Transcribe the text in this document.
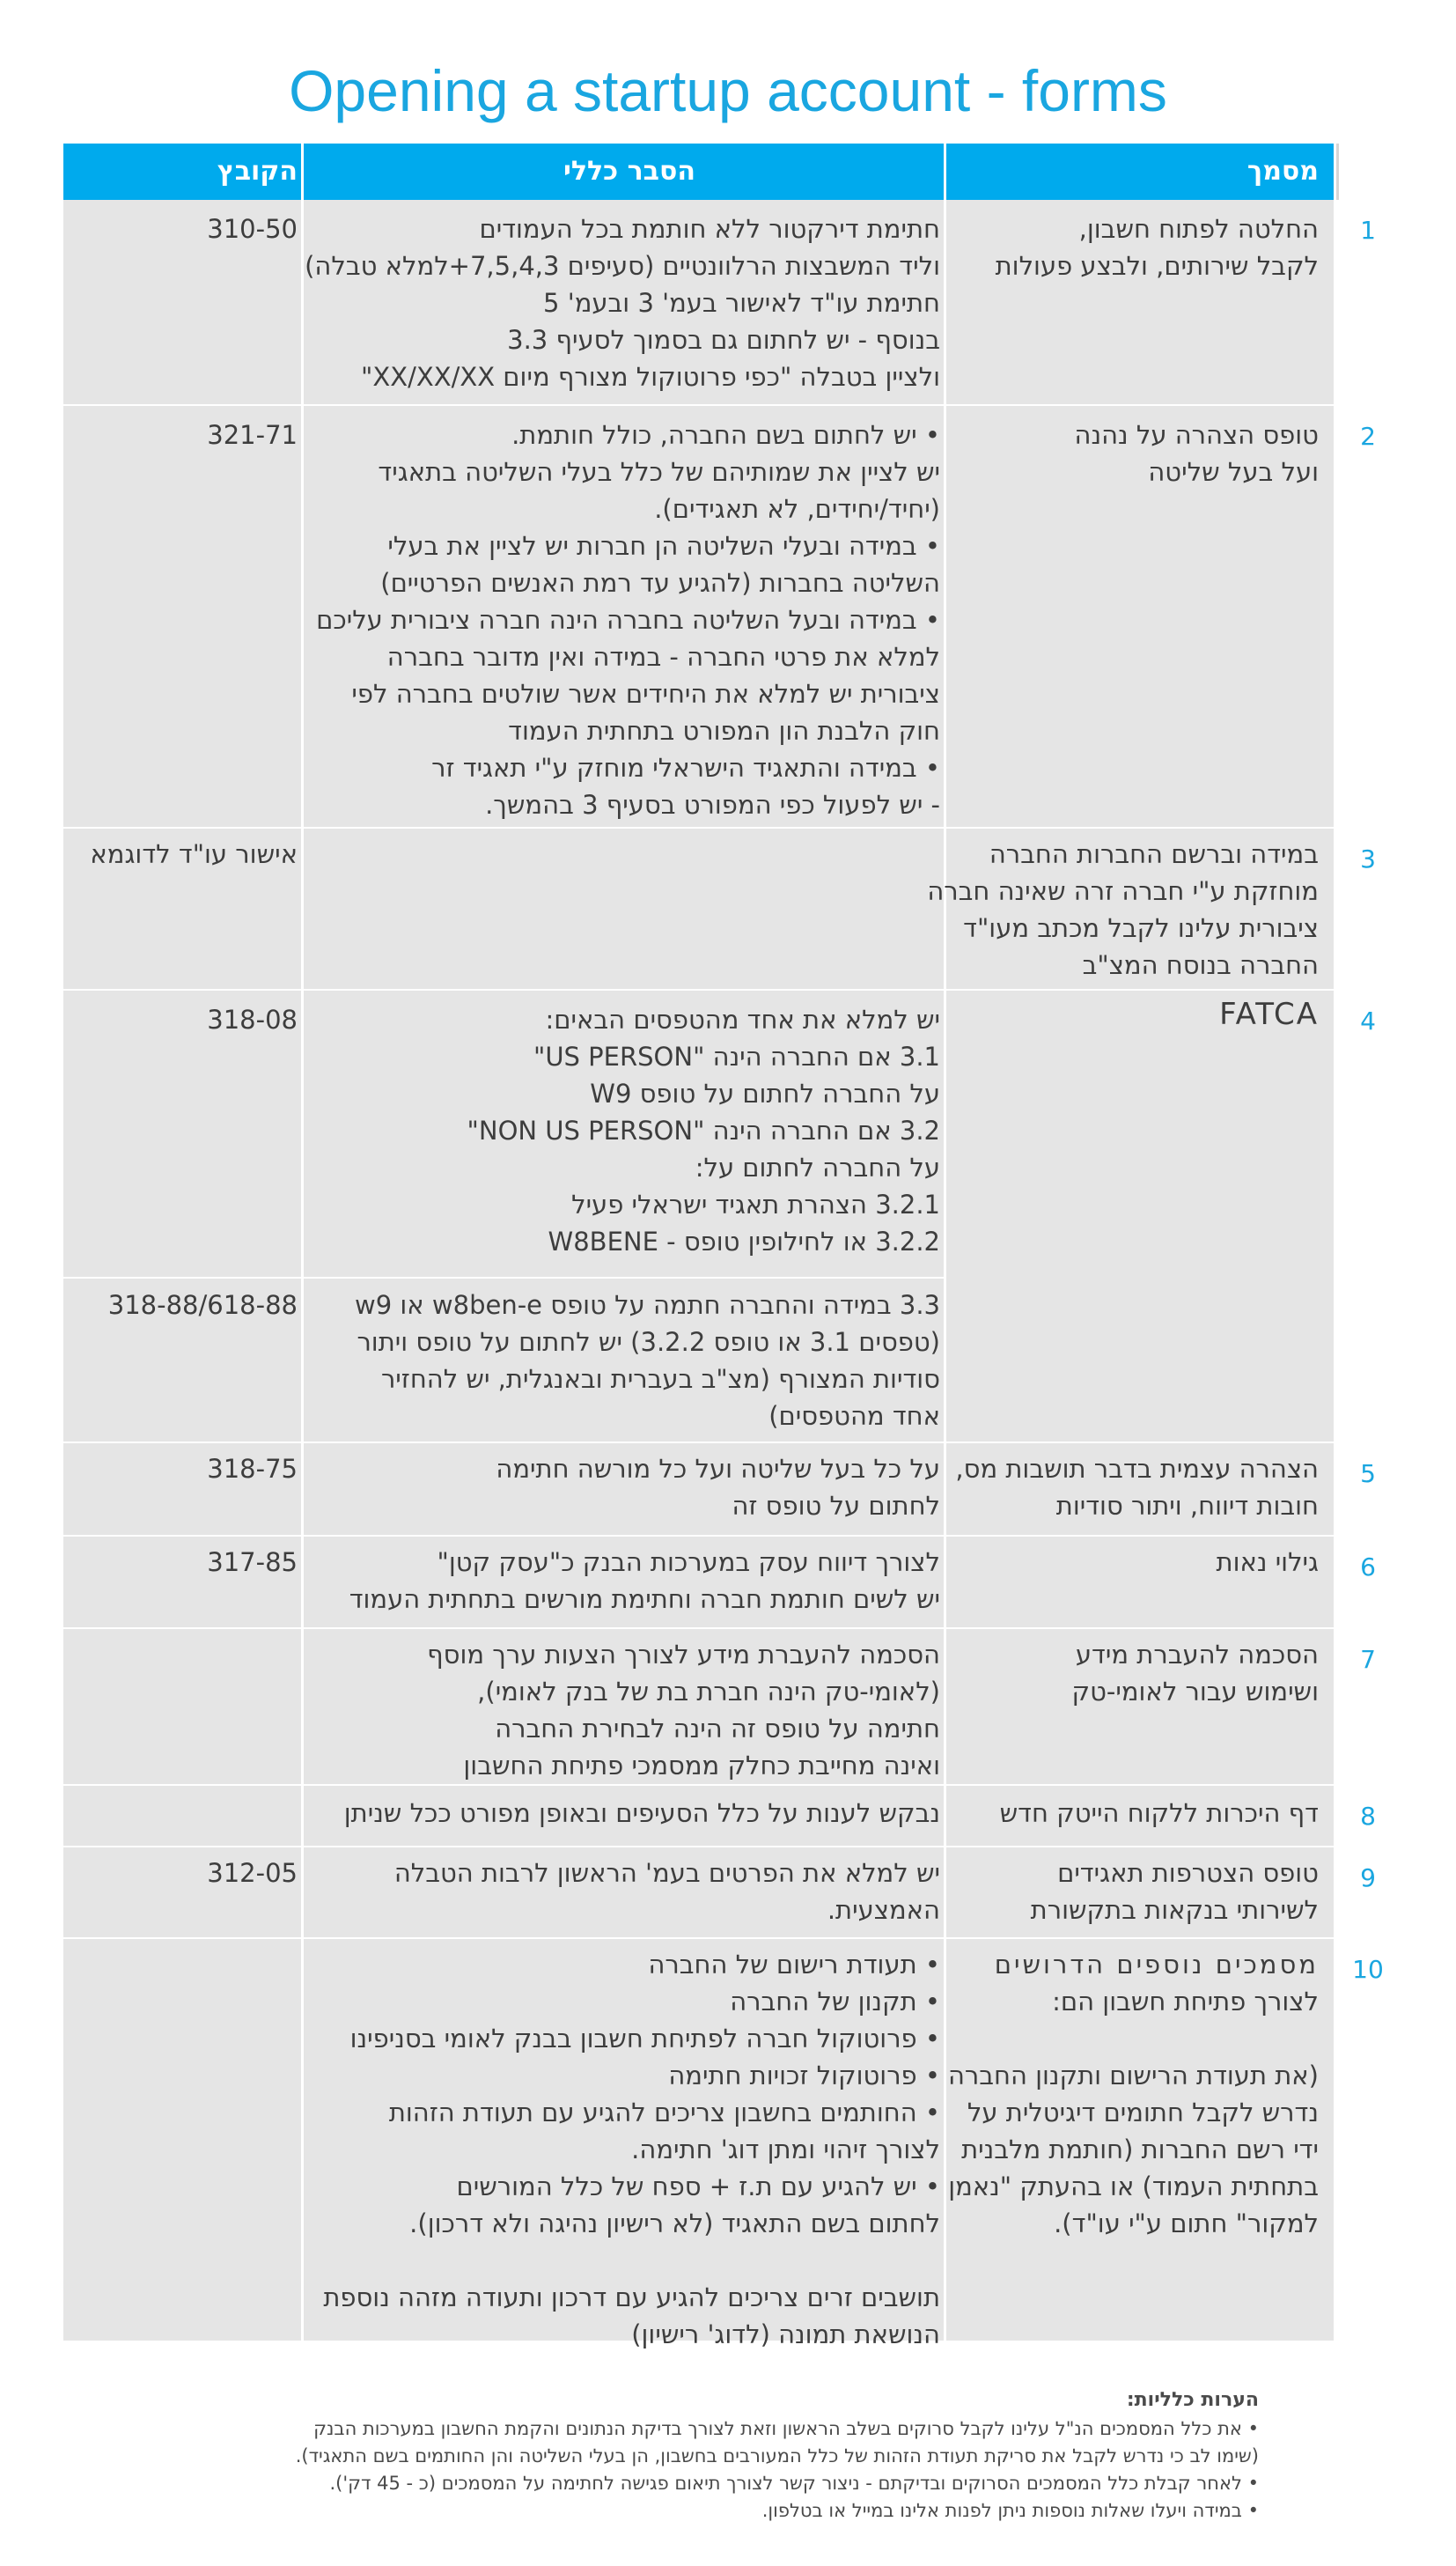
Opening a startup account - forms
מסמך
הסבר כללי
הקובץ
1

החלטה לפתוח חשבון,

לקבל שירותים, ולבצע פעולות

חתימת דירקטור ללא חותמת בכל העמודים

וליד המשבצות הרלוונטיים (סעיפים 7,5,4,3+למלא טבלה)

חתימת עו"ד לאישור בעמ' 3 ובעמ' 5

בנוסף - יש לחתום גם בסמוך לסעיף 3.3

ולציין בטבלה "כפי פרוטוקול מצורף מיום XX/XX/XX"

310-50
2

טופס הצהרה על נהנה

ועל בעל שליטה

• יש לחתום בשם החברה, כולל חותמת.

יש לציין את שמותיהם של כלל בעלי השליטה בתאגיד

(יחיד/יחידים, לא תאגידים).

• במידה ובעלי השליטה הן חברות יש לציין את בעלי

השליטה בחברות (להגיע עד רמת האנשים הפרטיים)

• במידה ובעל השליטה בחברה הינה חברה ציבורית עליכם

למלא את פרטי החברה - במידה ואין מדובר בחברה

ציבורית יש למלא את היחידים אשר שולטים בחברה לפי

חוק הלבנת הון המפורט בתחתית העמוד

• במידה והתאגיד הישראלי מוחזק ע"י תאגיד זר

- יש לפעול כפי המפורט בסעיף 3 בהמשך.

321-71
3

במידה וברשם החברות החברה

מוחזקת ע"י חברה זרה שאינה חברה

ציבורית עלינו לקבל מכתב מעו"ד

החברה בנוסח המצ"ב

אישור עו"ד לדוגמא
4

FATCA

יש למלא את אחד מהטפסים הבאים:

3.1 אם החברה הינה "US PERSON"

על החברה לחתום על טופס W9

3.2 אם החברה הינה "NON US PERSON"

על החברה לחתום על:

3.2.1 הצהרת תאגיד ישראלי פעיל

3.2.2 או לחילופין טופס - W8BENE

318-08

3.3 במידה והחברה חתמה על טופס w8ben-e או w9

(טפסים 3.1 או טופס 3.2.2) יש לחתום על טופס ויתור

סודיות המצורף (מצ"ב בעברית ובאנגלית, יש להחזיר

אחד מהטפסים)

318-88/618-88
5

הצהרה עצמית בדבר תושבות מס,

חובות דיווח, ויתור סודיות

על כל בעל שליטה ועל כל מורשה חתימה

לחתום על טופס זה

318-75
6

גילוי נאות

לצורך דיווח עסק במערכות הבנק כ"עסק קטן"

יש לשים חותמת חברה וחתימת מורשים בתחתית העמוד

317-85
7

הסכמה להעברת מידע

ושימוש עבור לאומי-טק

הסכמה להעברת מידע לצורך הצעות ערך מוסף

(לאומי-טק הינה חברת בת של בנק לאומי),

חתימה על טופס זה הינה לבחירת החברה

ואינה מחייבת כחלק ממסמכי פתיחת החשבון

8

דף היכרות ללקוח הייטק חדש

נבקש לענות על כלל הסעיפים ובאופן מפורט ככל שניתן

9

טופס הצטרפות תאגידים

לשירותי בנקאות בתקשורת

יש למלא את הפרטים בעמ' הראשון לרבות הטבלה

האמצעית.

312-05
10

מסמכים נוספים הדרושים

לצורך פתיחת חשבון הם:

(את תעודת הרישום ותקנון החברה

נדרש לקבל חתומים דיגיטלית על

ידי רשם החברות (חותמת מלבנית

בתחתית העמוד) או בהעתק "נאמן

למקור" חתום ע"י עו"ד).

• תעודת רישום של החברה

• תקנון של החברה

• פרוטוקול חברה לפתיחת חשבון בבנק לאומי בסניפינו

• פרוטוקול זכויות חתימה

• החותמים בחשבון צריכים להגיע עם תעודת הזהות

לצורך זיהוי ומתן דוג' חתימה.

• יש להגיע עם ת.ז + ספח של כלל המורשים

לחתום בשם התאגיד (לא רישיון נהיגה ולא דרכון).

תושבים זרים צריכים להגיע עם דרכון ותעודה מזהה נוספת

הנושאת תמונה (לדוג' רישיון)

הערות כלליות:

• את כלל המסמכים הנ"ל עלינו לקבל סרוקים בשלב הראשון וזאת לצורך בדיקת הנתונים והקמת החשבון במערכות הבנק

(שימו לב כי נדרש לקבל את סריקת תעודת הזהות של כלל המעורבים בחשבון, הן בעלי השליטה והן החותמים בשם התאגיד).

• לאחר קבלת כלל המסמכים הסרוקים ובדיקתם - ניצור קשר לצורך תיאום פגישה לחתימה על המסמכים (כ - 45 דק').

• במידה ויעלו שאלות נוספות ניתן לפנות אלינו במייל או בטלפון.
